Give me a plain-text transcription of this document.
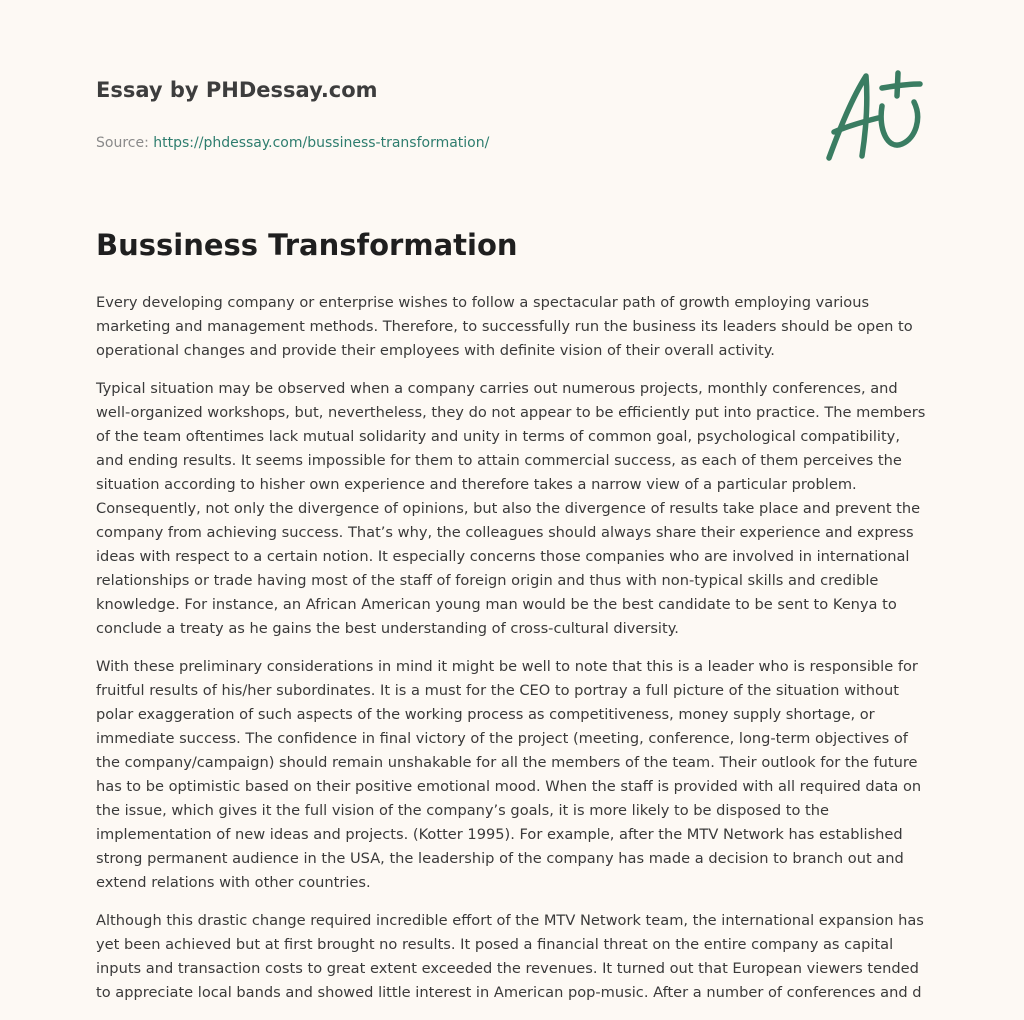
Essay by PHDessay.com
Source: https://phdessay.com/bussiness-transformation/
Bussiness Transformation

Every developing company or enterprise wishes to follow a spectacular path of growth employing various marketing and management methods. Therefore, to successfully run the business its leaders should be open to operational changes and provide their employees with definite vision of their overall activity.

Typical situation may be observed when a company carries out numerous projects, monthly conferences, and well-organized workshops, but, nevertheless, they do not appear to be efficiently put into practice. The members of the team oftentimes lack mutual solidarity and unity in terms of common goal, psychological compatibility, and ending results. It seems impossible for them to attain commercial success, as each of them perceives the situation according to hisher own experience and therefore takes a narrow view of a particular problem. Consequently, not only the divergence of opinions, but also the divergence of results take place and prevent the company from achieving success. That’s why, the colleagues should always share their experience and express ideas with respect to a certain notion. It especially concerns those companies who are involved in international relationships or trade having most of the staff of foreign origin and thus with non-typical skills and credible knowledge. For instance, an African American young man would be the best candidate to be sent to Kenya to conclude a treaty as he gains the best understanding of cross-cultural diversity.

With these preliminary considerations in mind it might be well to note that this is a leader who is responsible for fruitful results of his/her subordinates. It is a must for the CEO to portray a full picture of the situation without polar exaggeration of such aspects of the working process as competitiveness, money supply shortage, or immediate success. The confidence in final victory of the project (meeting, conference, long-term objectives of the company/campaign) should remain unshakable for all the members of the team. Their outlook for the future has to be optimistic based on their positive emotional mood. When the staff is provided with all required data on the issue, which gives it the full vision of the company’s goals, it is more likely to be disposed to the implementation of new ideas and projects. (Kotter 1995). For example, after the MTV Network has established strong permanent audience in the USA, the leadership of the company has made a decision to branch out and extend relations with other countries.

Although this drastic change required incredible effort of the MTV Network team, the international expansion has yet been achieved but at first brought no results. It posed a financial threat on the entire company as capital inputs and transaction costs to great extent exceeded the revenues. It turned out that European viewers tended to appreciate local bands and showed little interest in American pop-music. After a number of conferences and d
